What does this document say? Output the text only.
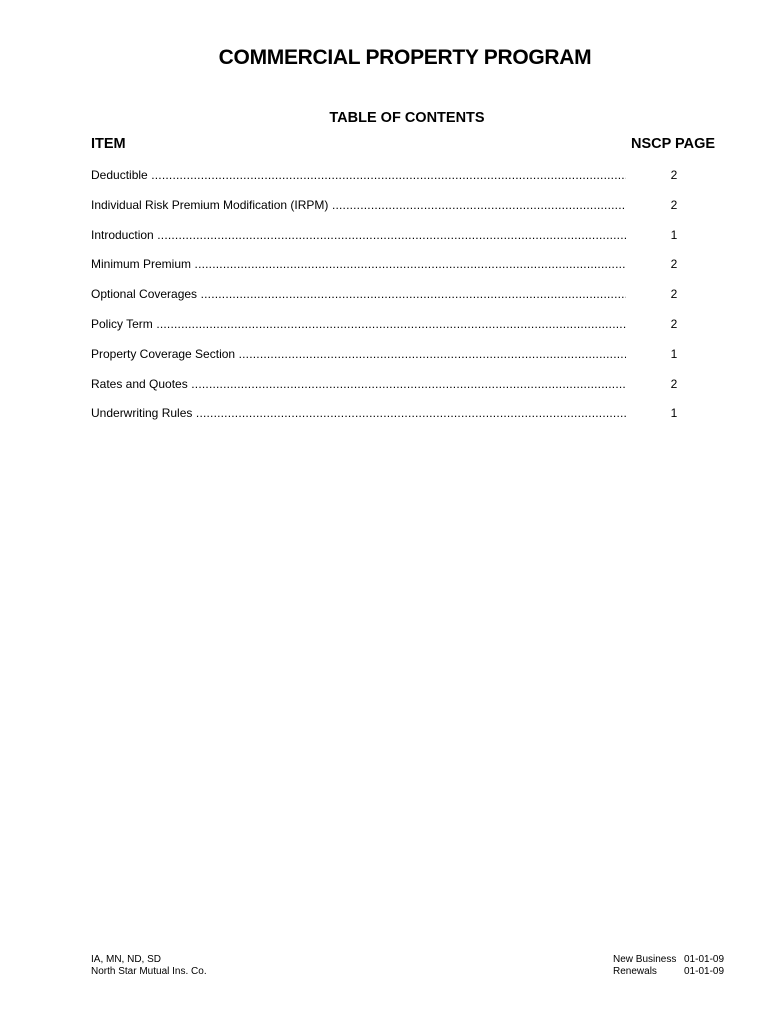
COMMERCIAL PROPERTY PROGRAM
TABLE OF CONTENTS
ITEM	NSCP PAGE
Deductible .....	2
Individual Risk Premium Modification (IRPM) .....	2
Introduction .....	1
Minimum Premium .....	2
Optional Coverages .....	2
Policy Term .....	2
Property Coverage Section .....	1
Rates and Quotes .....	2
Underwriting Rules .....	1
IA, MN, ND, SD
North Star Mutual Ins. Co.
New Business 01-01-09
Renewals	01-01-09
